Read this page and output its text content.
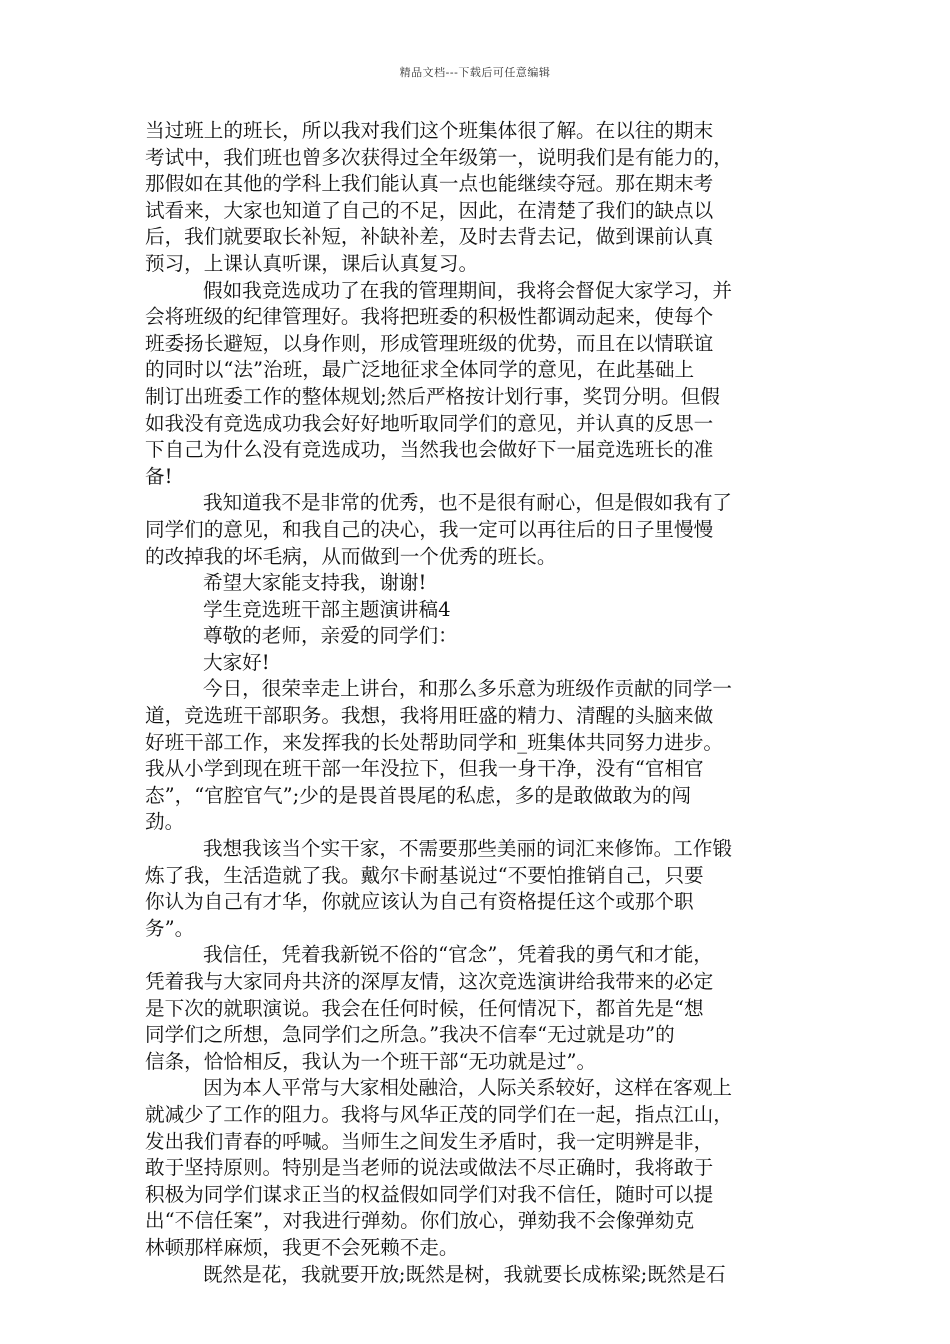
精品文档---下载后可任意编辑
当过班上的班长，所以我对我们这个班集体很了解。在以往的期末
考试中，我们班也曾多次获得过全年级第一，说明我们是有能力的，
那假如在其他的学科上我们能认真一点也能继续夺冠。那在期末考
试看来，大家也知道了自己的不足，因此，在清楚了我们的缺点以
后，我们就要取长补短，补缺补差，及时去背去记，做到课前认真
预习，上课认真听课，课后认真复习。
假如我竞选成功了在我的管理期间，我将会督促大家学习，并
会将班级的纪律管理好。我将把班委的积极性都调动起来，使每个
班委扬长避短，以身作则，形成管理班级的优势，而且在以情联谊
的同时以“法”治班，最广泛地征求全体同学的意见，在此基础上
制订出班委工作的整体规划;然后严格按计划行事，奖罚分明。但假
如我没有竞选成功我会好好地听取同学们的意见，并认真的反思一
下自己为什么没有竞选成功，当然我也会做好下一届竞选班长的准
备!
我知道我不是非常的优秀，也不是很有耐心，但是假如我有了
同学们的意见，和我自己的决心，我一定可以再往后的日子里慢慢
的改掉我的坏毛病，从而做到一个优秀的班长。
希望大家能支持我，谢谢!
学生竞选班干部主题演讲稿4
尊敬的老师，亲爱的同学们：
大家好!
今日，很荣幸走上讲台，和那么多乐意为班级作贡献的同学一
道，竞选班干部职务。我想，我将用旺盛的精力、清醒的头脑来做
好班干部工作，来发挥我的长处帮助同学和_班集体共同努力进步。
我从小学到现在班干部一年没拉下，但我一身干净，没有“官相官
态”，“官腔官气”;少的是畏首畏尾的私虑，多的是敢做敢为的闯
劲。
我想我该当个实干家，不需要那些美丽的词汇来修饰。工作锻
炼了我，生活造就了我。戴尔卡耐基说过“不要怕推销自己，只要
你认为自己有才华，你就应该认为自己有资格提任这个或那个职
务”。
我信任，凭着我新锐不俗的“官念”，凭着我的勇气和才能，
凭着我与大家同舟共济的深厚友情，这次竞选演讲给我带来的必定
是下次的就职演说。我会在任何时候，任何情况下，都首先是“想
同学们之所想，急同学们之所急。”我决不信奉“无过就是功”的
信条，恰恰相反，我认为一个班干部“无功就是过”。
因为本人平常与大家相处融洽，人际关系较好，这样在客观上
就减少了工作的阻力。我将与风华正茂的同学们在一起，指点江山，
发出我们青春的呼喊。当师生之间发生矛盾时，我一定明辨是非，
敢于坚持原则。特别是当老师的说法或做法不尽正确时，我将敢于
积极为同学们谋求正当的权益假如同学们对我不信任，随时可以提
出“不信任案”，对我进行弹劾。你们放心，弹劾我不会像弹劾克
林顿那样麻烦，我更不会死赖不走。
既然是花，我就要开放;既然是树，我就要长成栋梁;既然是石
